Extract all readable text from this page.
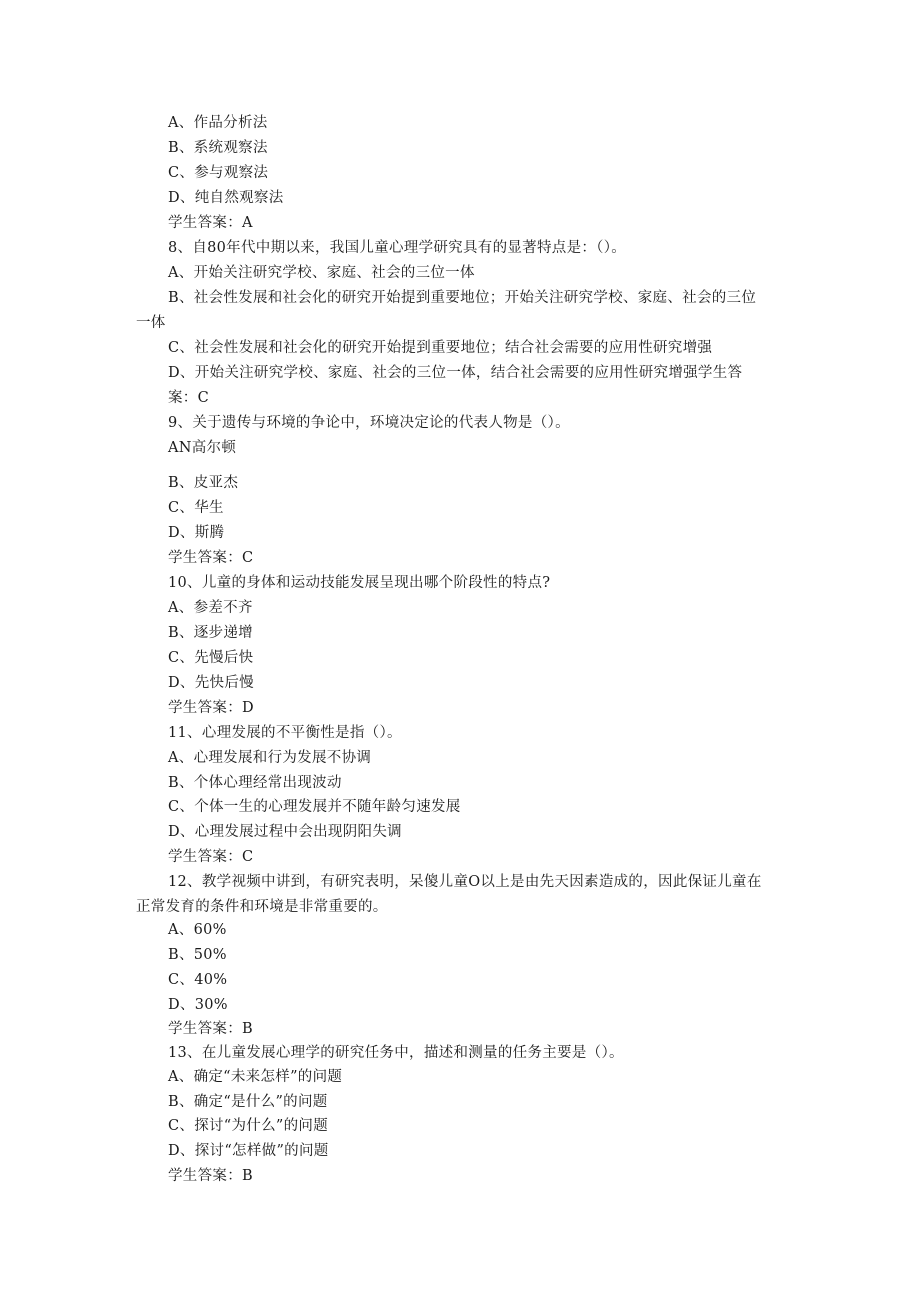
A、作品分析法
B、系统观察法
C、参与观察法
D、纯自然观察法
学生答案：A
8、自80年代中期以来，我国儿童心理学研究具有的显著特点是：（）。
A、开始关注研究学校、家庭、社会的三位一体
B、社会性发展和社会化的研究开始提到重要地位；开始关注研究学校、家庭、社会的三位
一体
C、社会性发展和社会化的研究开始提到重要地位；结合社会需要的应用性研究增强
D、开始关注研究学校、家庭、社会的三位一体，结合社会需要的应用性研究增强学生答
案：C
9、关于遗传与环境的争论中，环境决定论的代表人物是（）。
AN高尔顿
B、皮亚杰
C、华生
D、斯腾
学生答案：C
10、儿童的身体和运动技能发展呈现出哪个阶段性的特点?
A、参差不齐
B、逐步递增
C、先慢后快
D、先快后慢
学生答案：D
11、心理发展的不平衡性是指（）。
A、心理发展和行为发展不协调
B、个体心理经常出现波动
C、个体一生的心理发展并不随年龄匀速发展
D、心理发展过程中会出现阴阳失调
学生答案：C
12、教学视频中讲到，有研究表明，呆傻儿童O以上是由先天因素造成的，因此保证儿童在
正常发育的条件和环境是非常重要的。
A、60%
B、50%
C、40%
D、30%
学生答案：B
13、在儿童发展心理学的研究任务中，描述和测量的任务主要是（）。
A、确定“未来怎样”的问题
B、确定“是什么”的问题
C、探讨“为什么”的问题
D、探讨“怎样做”的问题
学生答案：B
